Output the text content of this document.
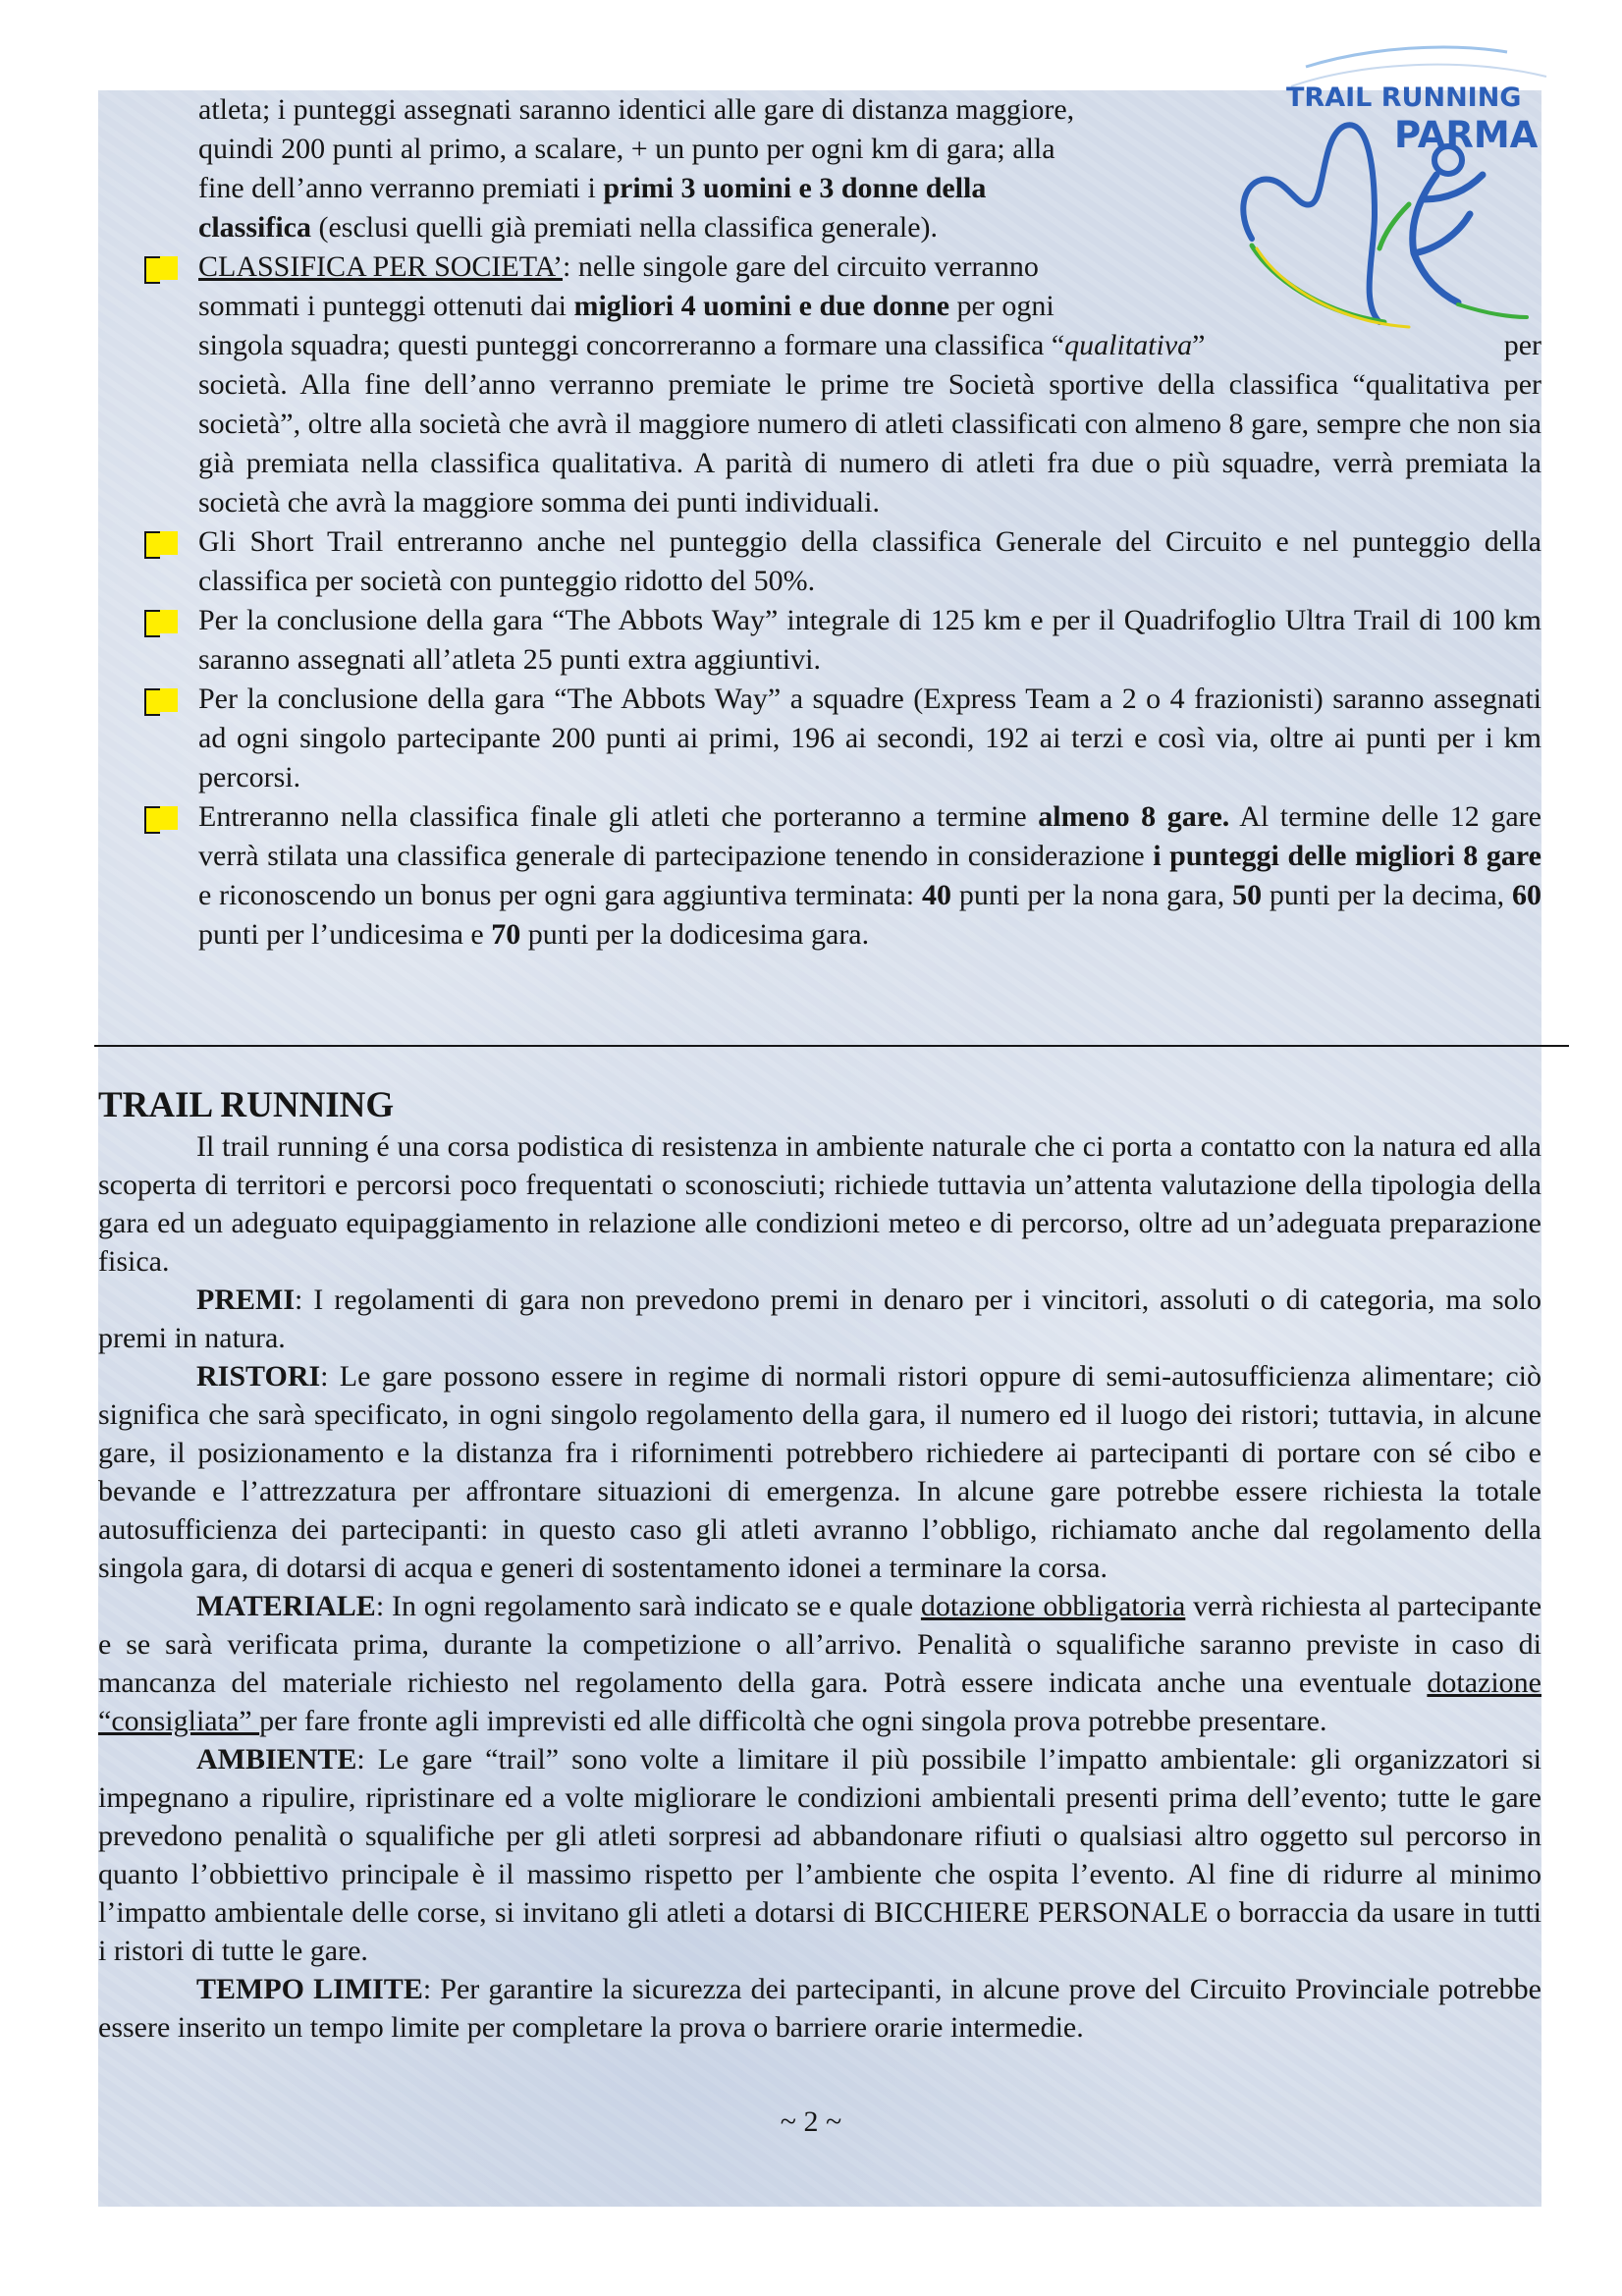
TRAIL RUNNING
PARMA
atleta; i punteggi assegnati saranno identici alle gare di distanza maggiore,
quindi 200 punti al primo, a scalare, + un punto per ogni km di gara; alla
fine dell’anno verranno premiati i primi 3 uomini e 3 donne della
classifica (esclusi quelli già premiati nella classifica generale).
CLASSIFICA PER SOCIETA’: nelle singole gare del circuito verranno
sommati i punteggi ottenuti dai migliori 4 uomini e due donne per ogni
singola squadra; questi punteggi concorreranno a formare una classifica “qualitativa”	per
società. Alla fine dell’anno verranno premiate le prime tre Società sportive della classifica “qualitativa per società”, oltre alla società che avrà il maggiore numero di atleti classificati con almeno 8 gare, sempre che non sia già premiata nella classifica qualitativa. A parità di numero di atleti fra due o più squadre, verrà premiata la società che avrà la maggiore somma dei punti individuali.
Gli Short Trail entreranno anche nel punteggio della classifica Generale del Circuito e nel punteggio della classifica per società con punteggio ridotto del 50%.
Per la conclusione della gara “The Abbots Way” integrale di 125 km e per il Quadrifoglio Ultra Trail di 100 km saranno assegnati all’atleta 25 punti extra aggiuntivi.
Per la conclusione della gara “The Abbots Way” a squadre (Express Team a 2 o 4 frazionisti) saranno assegnati ad ogni singolo partecipante 200 punti ai primi, 196 ai secondi, 192 ai terzi e così via, oltre ai punti per i km percorsi.
Entreranno nella classifica finale gli atleti che porteranno a termine almeno 8 gare. Al termine delle 12 gare verrà stilata una classifica generale di partecipazione tenendo in considerazione i punteggi delle migliori 8 gare e riconoscendo un bonus per ogni gara aggiuntiva terminata: 40 punti per la nona gara, 50 punti per la decima, 60 punti per l’undicesima e 70 punti per la dodicesima gara.
TRAIL RUNNING

Il trail running é una corsa podistica di resistenza in ambiente naturale che ci porta a contatto con la natura ed alla scoperta di territori e percorsi poco frequentati o sconosciuti; richiede tuttavia un’attenta valutazione della tipologia della gara ed un adeguato equipaggiamento in relazione alle condizioni meteo e di percorso, oltre ad un’adeguata preparazione fisica.

PREMI: I regolamenti di gara non prevedono premi in denaro per i vincitori, assoluti o di categoria, ma solo premi in natura.

RISTORI: Le gare possono essere in regime di normali ristori oppure di semi-autosufficienza alimentare; ciò significa che sarà specificato, in ogni singolo regolamento della gara, il numero ed il luogo dei ristori; tuttavia, in alcune gare, il posizionamento e la distanza fra i rifornimenti potrebbero richiedere ai partecipanti di portare con sé cibo e bevande e l’attrezzatura per affrontare situazioni di emergenza. In alcune gare potrebbe essere richiesta la totale autosufficienza dei partecipanti: in questo caso gli atleti avranno l’obbligo, richiamato anche dal regolamento della singola gara, di dotarsi di acqua e generi di sostentamento idonei a terminare la corsa.

MATERIALE: In ogni regolamento sarà indicato se e quale dotazione obbligatoria verrà richiesta al partecipante e se sarà verificata prima, durante la competizione o all’arrivo. Penalità o squalifiche saranno previste in caso di mancanza del materiale richiesto nel regolamento della gara. Potrà essere indicata anche una eventuale dotazione “consigliata” per fare fronte agli imprevisti ed alle difficoltà che ogni singola prova potrebbe presentare.

AMBIENTE: Le gare “trail” sono volte a limitare il più possibile l’impatto ambientale: gli organizzatori si impegnano a ripulire, ripristinare ed a volte migliorare le condizioni ambientali presenti prima dell’evento; tutte le gare prevedono penalità o squalifiche per gli atleti sorpresi ad abbandonare rifiuti o qualsiasi altro oggetto sul percorso in quanto l’obbiettivo principale è il massimo rispetto per l’ambiente che ospita l’evento. Al fine di ridurre al minimo l’impatto ambientale delle corse, si invitano gli atleti a dotarsi di BICCHIERE PERSONALE o borraccia da usare in tutti i ristori di tutte le gare.

TEMPO LIMITE: Per garantire la sicurezza dei partecipanti, in alcune prove del Circuito Provinciale potrebbe essere inserito un tempo limite per completare la prova o barriere orarie intermedie.

~ 2 ~
